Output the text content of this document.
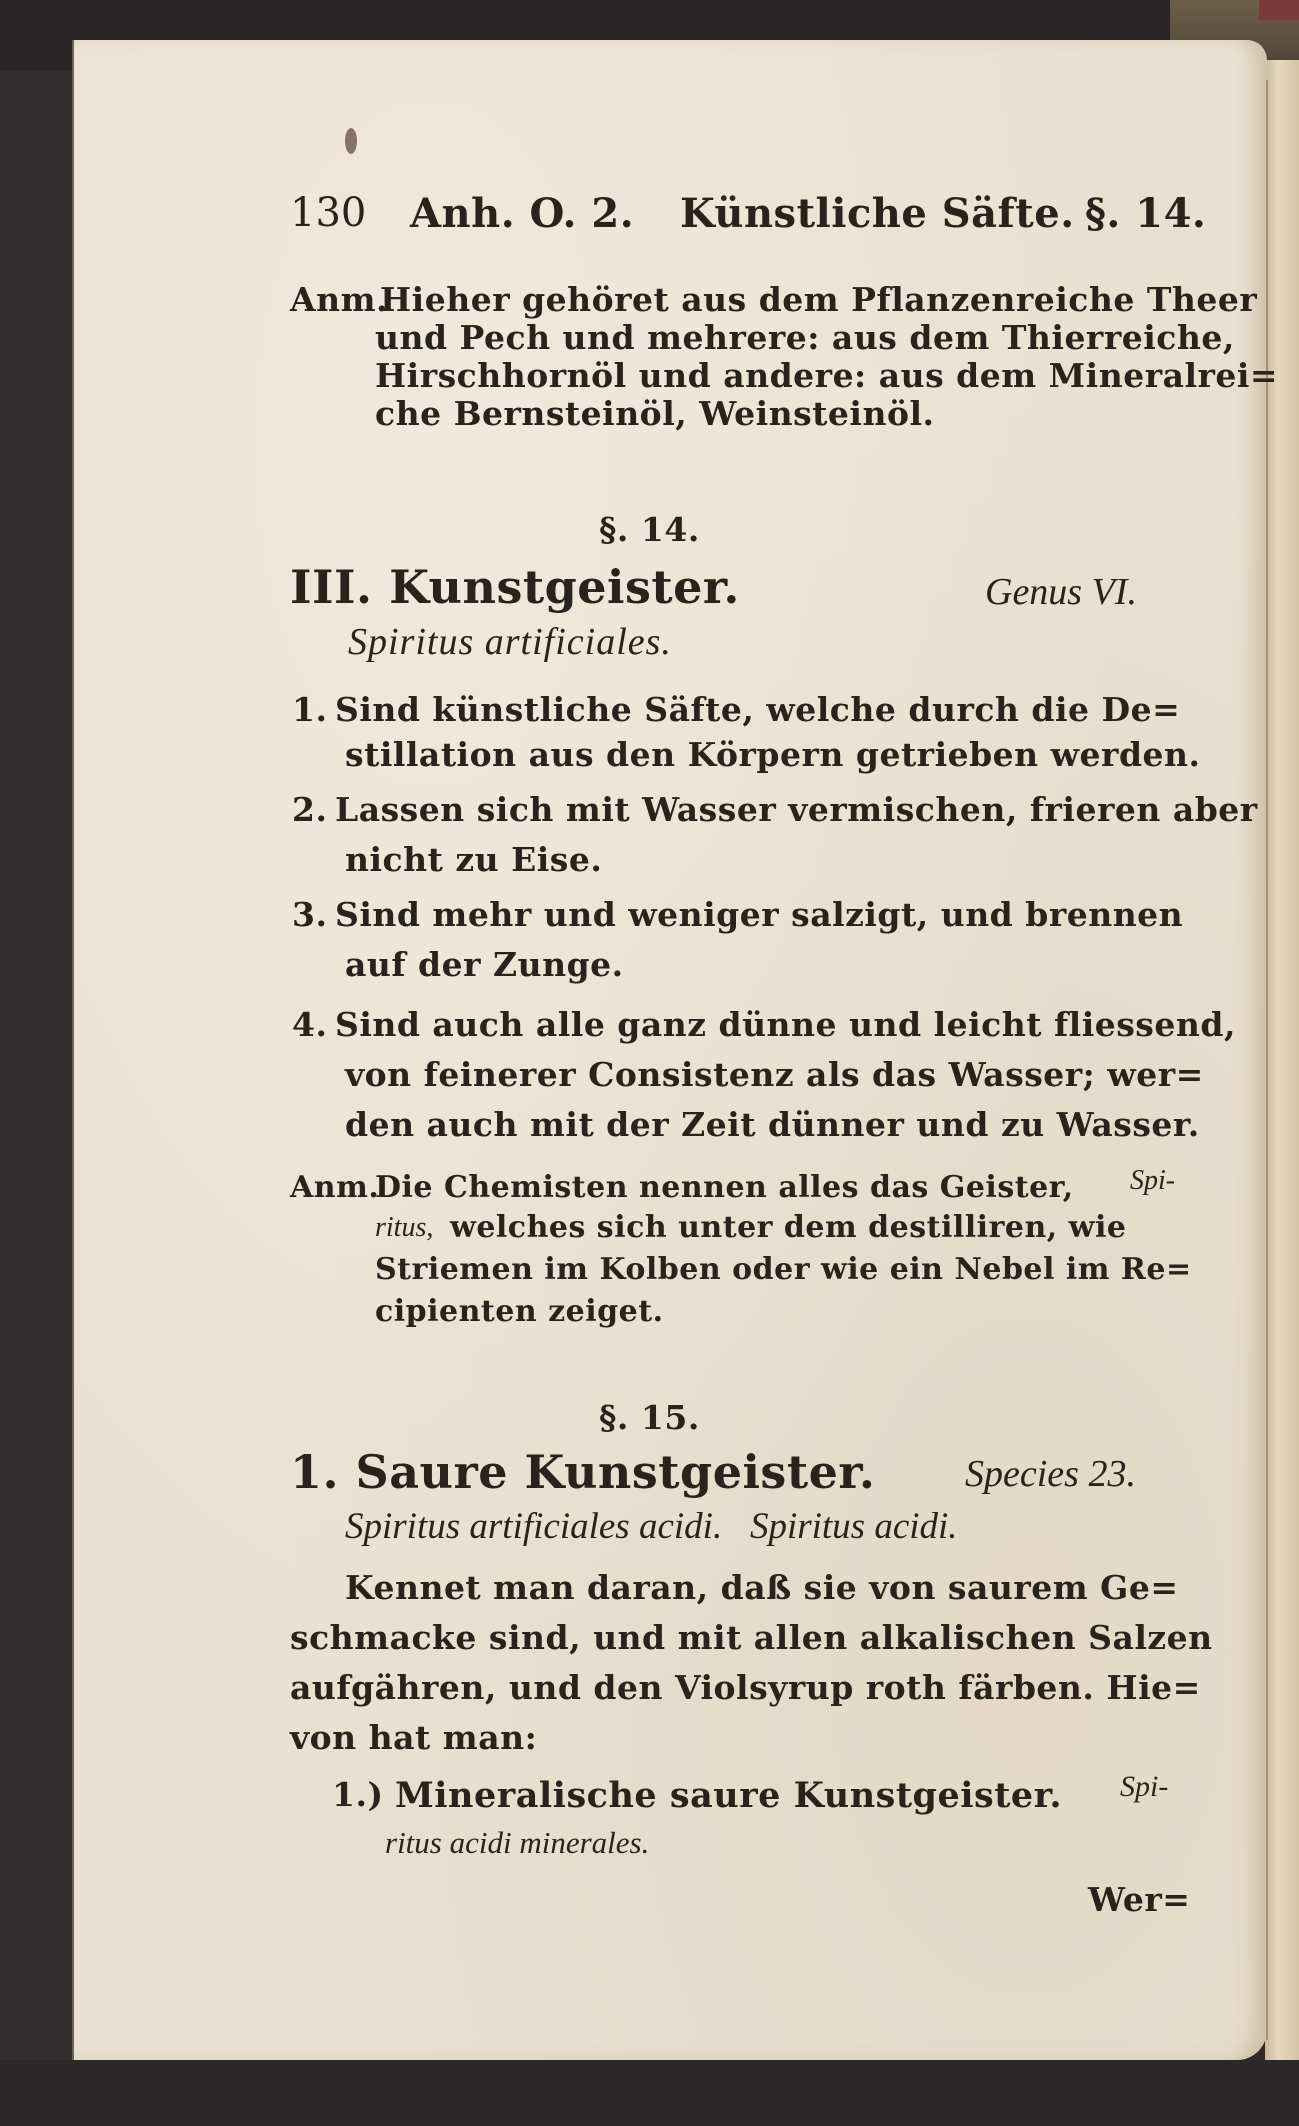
130 Anh. O. 2. Künstliche Säfte. §. 14.
Anm.
Hieher gehöret aus dem Pflanzenreiche Theer
und Pech und mehrere: aus dem Thierreiche,
Hirschhornöl und andere: aus dem Mineralrei=
che Bernsteinöl, Weinsteinöl.
§. 14.
III. Kunstgeister.	Genus VI.
Spiritus artificiales.
1. Sind künstliche Säfte, welche durch die De=
stillation aus den Körpern getrieben werden.
2. Lassen sich mit Wasser vermischen, frieren aber
nicht zu Eise.
3. Sind mehr und weniger salzigt, und brennen
auf der Zunge.
4. Sind auch alle ganz dünne und leicht fliessend,
von feinerer Consistenz als das Wasser; wer=
den auch mit der Zeit dünner und zu Wasser.
Anm.
Die Chemisten nennen alles das Geister, Spi-
ritus, welches sich unter dem destilliren, wie
Striemen im Kolben oder wie ein Nebel im Re=
cipienten zeiget.
§. 15.
1. Saure Kunstgeister. Species 23.
Spiritus artificiales acidi.   Spiritus acidi.
Kennet man daran, daß sie von saurem Ge=
schmacke sind, und mit allen alkalischen Salzen
aufgähren, und den Violsyrup roth färben. Hie=
von hat man:
1.) Mineralische saure Kunstgeister. Spi-
ritus acidi minerales.
Wer=
